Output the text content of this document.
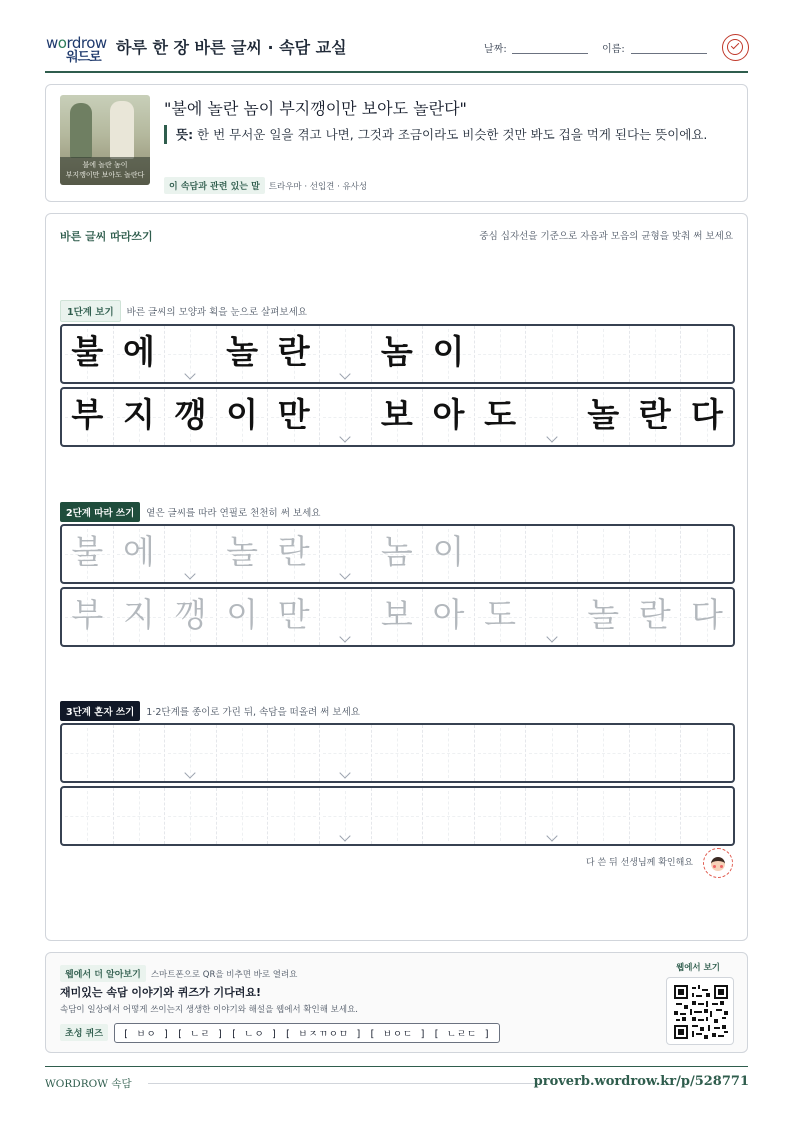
wordrow
워드로
하루 한 장 바른 글씨 · 속담 교실	날짜:	이름:
불에 놀란 놈이
부지깽이만 보아도 놀란다
"불에 놀란 놈이 부지깽이만 보아도 놀란다"
뜻: 한 번 무서운 일을 겪고 나면, 그것과 조금이라도 비슷한 것만 봐도 겁을 먹게 된다는 뜻이에요.
이 속담과 관련 있는 말 트라우마 · 선입견 · 유사성
바른 글씨 따라쓰기	중심 십자선을 기준으로 자음과 모음의 균형을 맞춰 써 보세요
1단계 보기 바른 글씨의 모양과 획을 눈으로 살펴보세요
불 에 놀 란 놈 이
부 지 깽 이 만 보 아 도 놀 란 다
2단계 따라 쓰기 옅은 글씨를 따라 연필로 천천히 써 보세요
불 에 놀 란 놈 이
부 지 깽 이 만 보 아 도 놀 란 다
3단계 혼자 쓰기 1·2단계를 종이로 가린 뒤, 속담을 떠올려 써 보세요
다 쓴 뒤 선생님께 확인해요
웹에서 더 알아보기 스마트폰으로 QR을 비추면 바로 열려요
재미있는 속담 이야기와 퀴즈가 기다려요!
속담이 일상에서 어떻게 쓰이는지 생생한 이야기와 해설을 웹에서 확인해 보세요.
초성 퀴즈 [ ㅂㅇ ] [ ㄴㄹ ] [ ㄴㅇ ] [ ㅂㅈㄲㅇㅁ ] [ ㅂㅇㄷ ] [ ㄴㄹㄷ ]
웹에서 보기
WORDROW 속담	proverb.wordrow.kr/p/528771
